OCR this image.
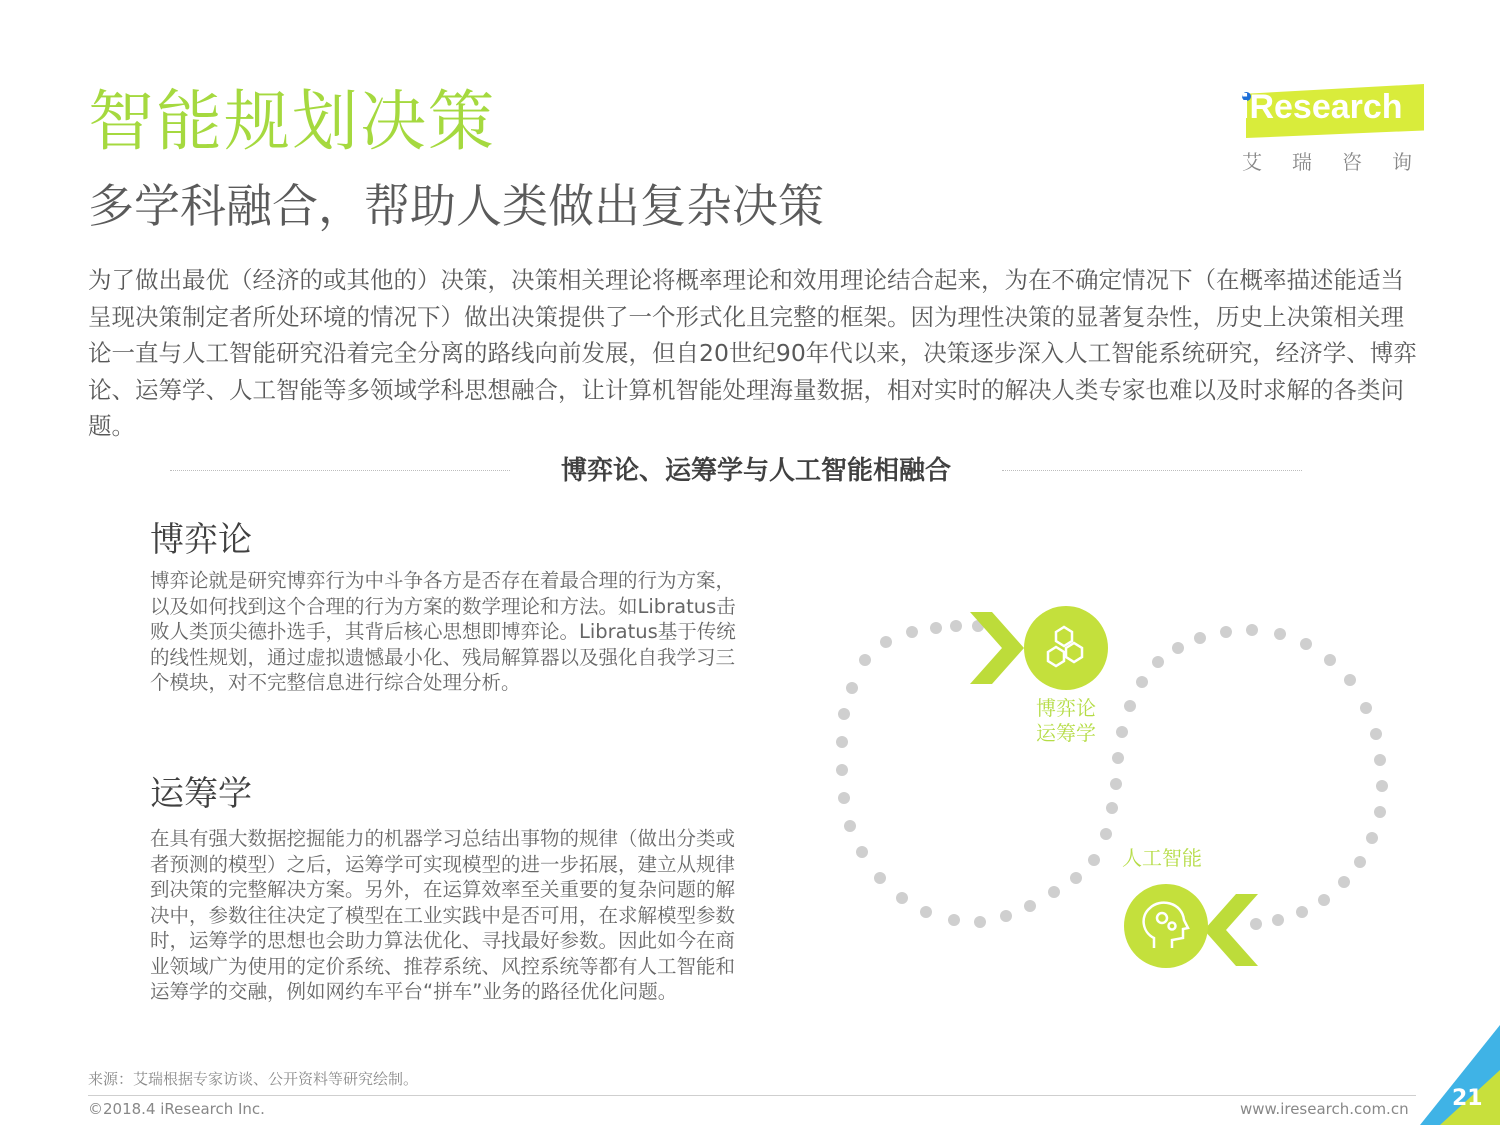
智能规划决策
多学科融合，帮助人类做出复杂决策
iResearch
艾瑞咨询

为了做出最优（经济的或其他的）决策，决策相关理论将概率理论和效用理论结合起来，为在不确定情况下（在概率描述能适当呈现决策制定者所处环境的情况下）做出决策提供了一个形式化且完整的框架。因为理性决策的显著复杂性，历史上决策相关理论一直与人工智能研究沿着完全分离的路线向前发展，但自20世纪90年代以来，决策逐步深入人工智能系统研究，经济学、博弈论、运筹学、人工智能等多领域学科思想融合，让计算机智能处理海量数据，相对实时的解决人类专家也难以及时求解的各类问题。

博弈论、运筹学与人工智能相融合
博弈论

博弈论就是研究博弈行为中斗争各方是否存在着最合理的行为方案，以及如何找到这个合理的行为方案的数学理论和方法。如Libratus击败人类顶尖德扑选手，其背后核心思想即博弈论。Libratus基于传统的线性规划，通过虚拟遗憾最小化、残局解算器以及强化自我学习三个模块，对不完整信息进行综合处理分析。

运筹学

在具有强大数据挖掘能力的机器学习总结出事物的规律（做出分类或者预测的模型）之后，运筹学可实现模型的进一步拓展，建立从规律到决策的完整解决方案。另外，在运算效率至关重要的复杂问题的解决中，参数往往决定了模型在工业实践中是否可用，在求解模型参数时，运筹学的思想也会助力算法优化、寻找最好参数。因此如今在商业领域广为使用的定价系统、推荐系统、风控系统等都有人工智能和运筹学的交融，例如网约车平台“拼车”业务的路径优化问题。

博弈论
运筹学
人工智能
来源：艾瑞根据专家访谈、公开资料等研究绘制。
©2018.4 iResearch Inc.	www.iresearch.com.cn 21
